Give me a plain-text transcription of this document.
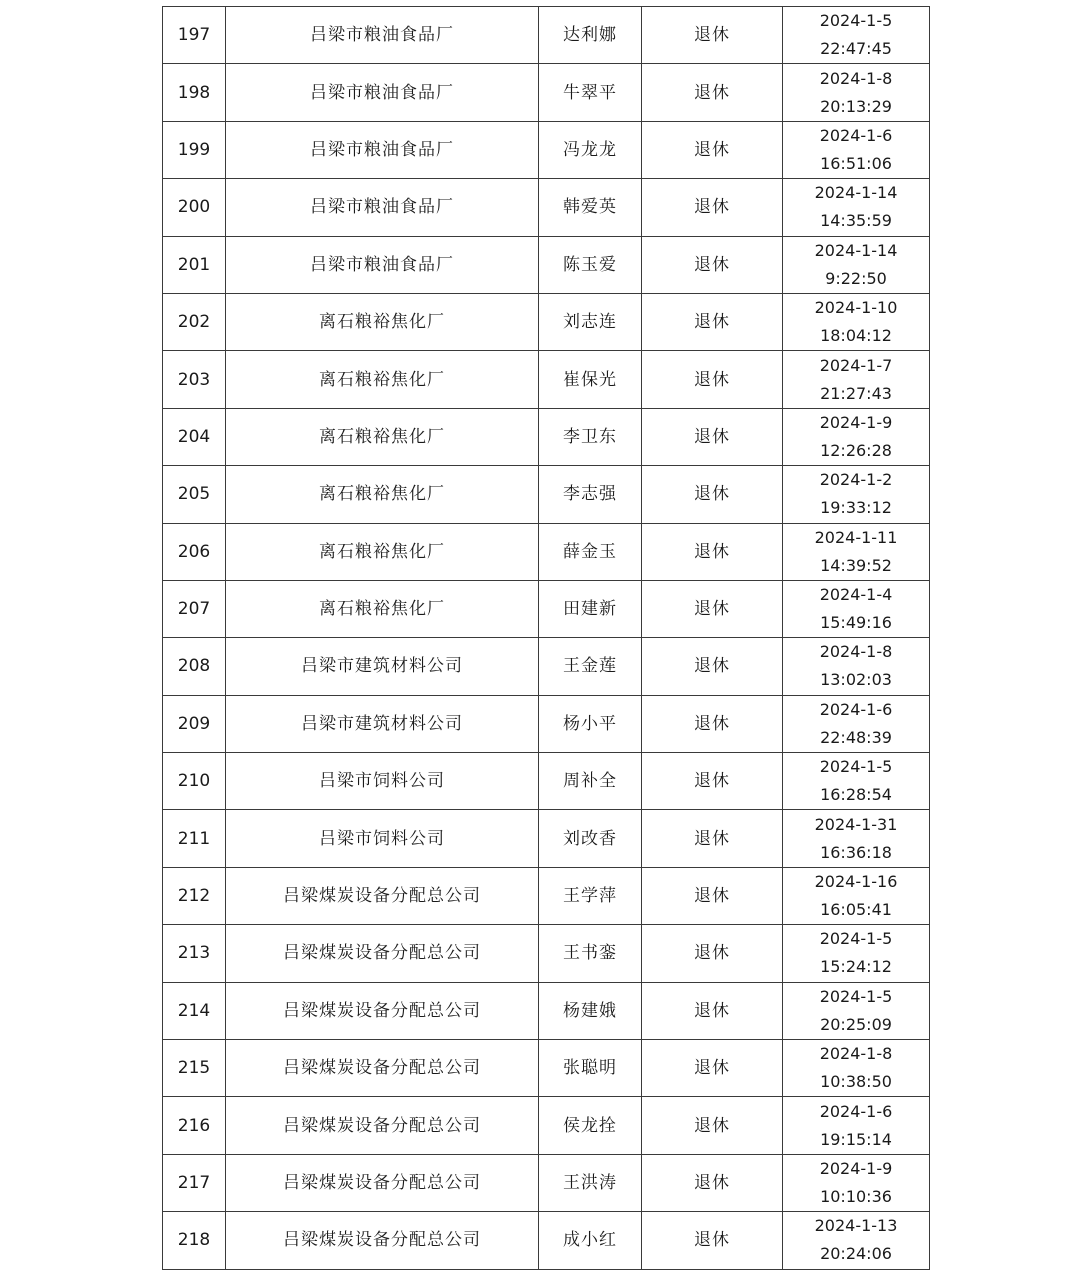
197	吕梁市粮油食品厂	达利娜	退休	2024-1-5
22:47:45

198	吕梁市粮油食品厂	牛翠平	退休	2024-1-8
20:13:29

199	吕梁市粮油食品厂	冯龙龙	退休	2024-1-6
16:51:06

200	吕梁市粮油食品厂	韩爱英	退休	2024-1-14
14:35:59

201	吕梁市粮油食品厂	陈玉爱	退休	2024-1-14
9:22:50

202	离石粮裕焦化厂	刘志连	退休	2024-1-10
18:04:12

203	离石粮裕焦化厂	崔保光	退休	2024-1-7
21:27:43

204	离石粮裕焦化厂	李卫东	退休	2024-1-9
12:26:28

205	离石粮裕焦化厂	李志强	退休	2024-1-2
19:33:12

206	离石粮裕焦化厂	薛金玉	退休	2024-1-11
14:39:52

207	离石粮裕焦化厂	田建新	退休	2024-1-4
15:49:16

208	吕梁市建筑材料公司	王金莲	退休	2024-1-8
13:02:03

209	吕梁市建筑材料公司	杨小平	退休	2024-1-6
22:48:39

210	吕梁市饲料公司	周补全	退休	2024-1-5
16:28:54

211	吕梁市饲料公司	刘改香	退休	2024-1-31
16:36:18

212	吕梁煤炭设备分配总公司	王学萍	退休	2024-1-16
16:05:41

213	吕梁煤炭设备分配总公司	王书銮	退休	2024-1-5
15:24:12

214	吕梁煤炭设备分配总公司	杨建娥	退休	2024-1-5
20:25:09

215	吕梁煤炭设备分配总公司	张聪明	退休	2024-1-8
10:38:50

216	吕梁煤炭设备分配总公司	侯龙拴	退休	2024-1-6
19:15:14

217	吕梁煤炭设备分配总公司	王洪涛	退休	2024-1-9
10:10:36

218	吕梁煤炭设备分配总公司	成小红	退休	2024-1-13
20:24:06
